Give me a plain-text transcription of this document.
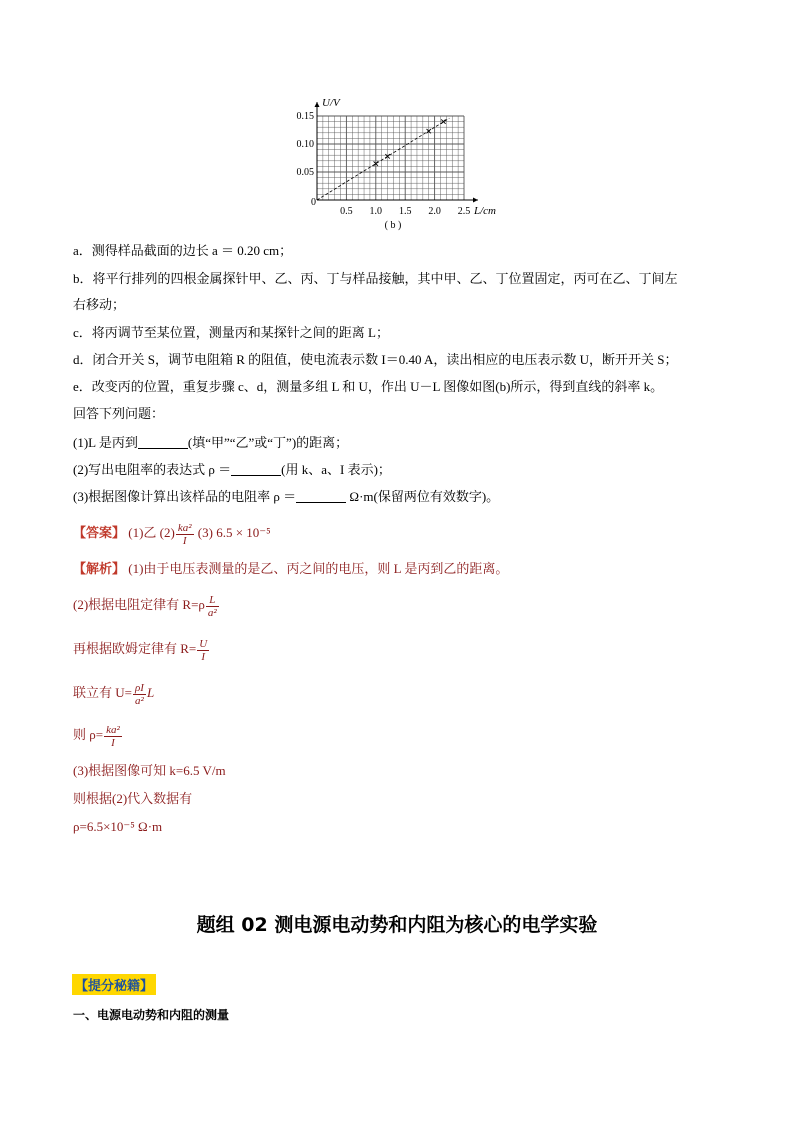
0.5 1.0 1.5 2.0 2.5
0.05
0.10
0.15
U/V
L/cm
0
( b )
a．测得样品截面的边长 a ＝ 0.20 cm；
b．将平行排列的四根金属探针甲、乙、丙、丁与样品接触，其中甲、乙、丁位置固定，丙可在乙、丁间左
右移动；
c．将丙调节至某位置，测量丙和某探针之间的距离 L；
d．闭合开关 S，调节电阻箱 R 的阻值，使电流表示数 I＝0.40 A，读出相应的电压表示数 U，断开开关 S；
e．改变丙的位置，重复步骤 c、d，测量多组 L 和 U，作出 U－L 图像如图(b)所示，得到直线的斜率 k。
回答下列问题：
(1)L 是丙到	(填“甲”“乙”或“丁”)的距离；
(2)写出电阻率的表达式 ρ ＝	(用 k、a、I 表示)；
(3)根据图像计算出该样品的电阻率 ρ ＝	Ω·m(保留两位有效数字)。
【答案】 (1)乙 $(2) \frac{\text{ka²}}{I} (3) 6.5 \times 10^{-5}$
【解析】 (1)由于电压表测量的是乙、丙之间的电压，则 L 是丙到乙的距离。
(2)根据电阻定律有 $R=\rho \frac{L}{\text{a²}}$
再根据欧姆定律有 $R= \frac{U}{I}$
联立有 $U= \frac{\rho I}{\text{a²}}$ L
则 $\rho= \frac{\text{ka²}}{I}$
(3)根据图像可知 k=6.5 V/m
则根据(2)代入数据有
ρ=6.5×10⁻⁵ Ω·m
题组 02 测电源电动势和内阻为核心的电学实验
【提分秘籍】
一、电源电动势和内阻的测量
